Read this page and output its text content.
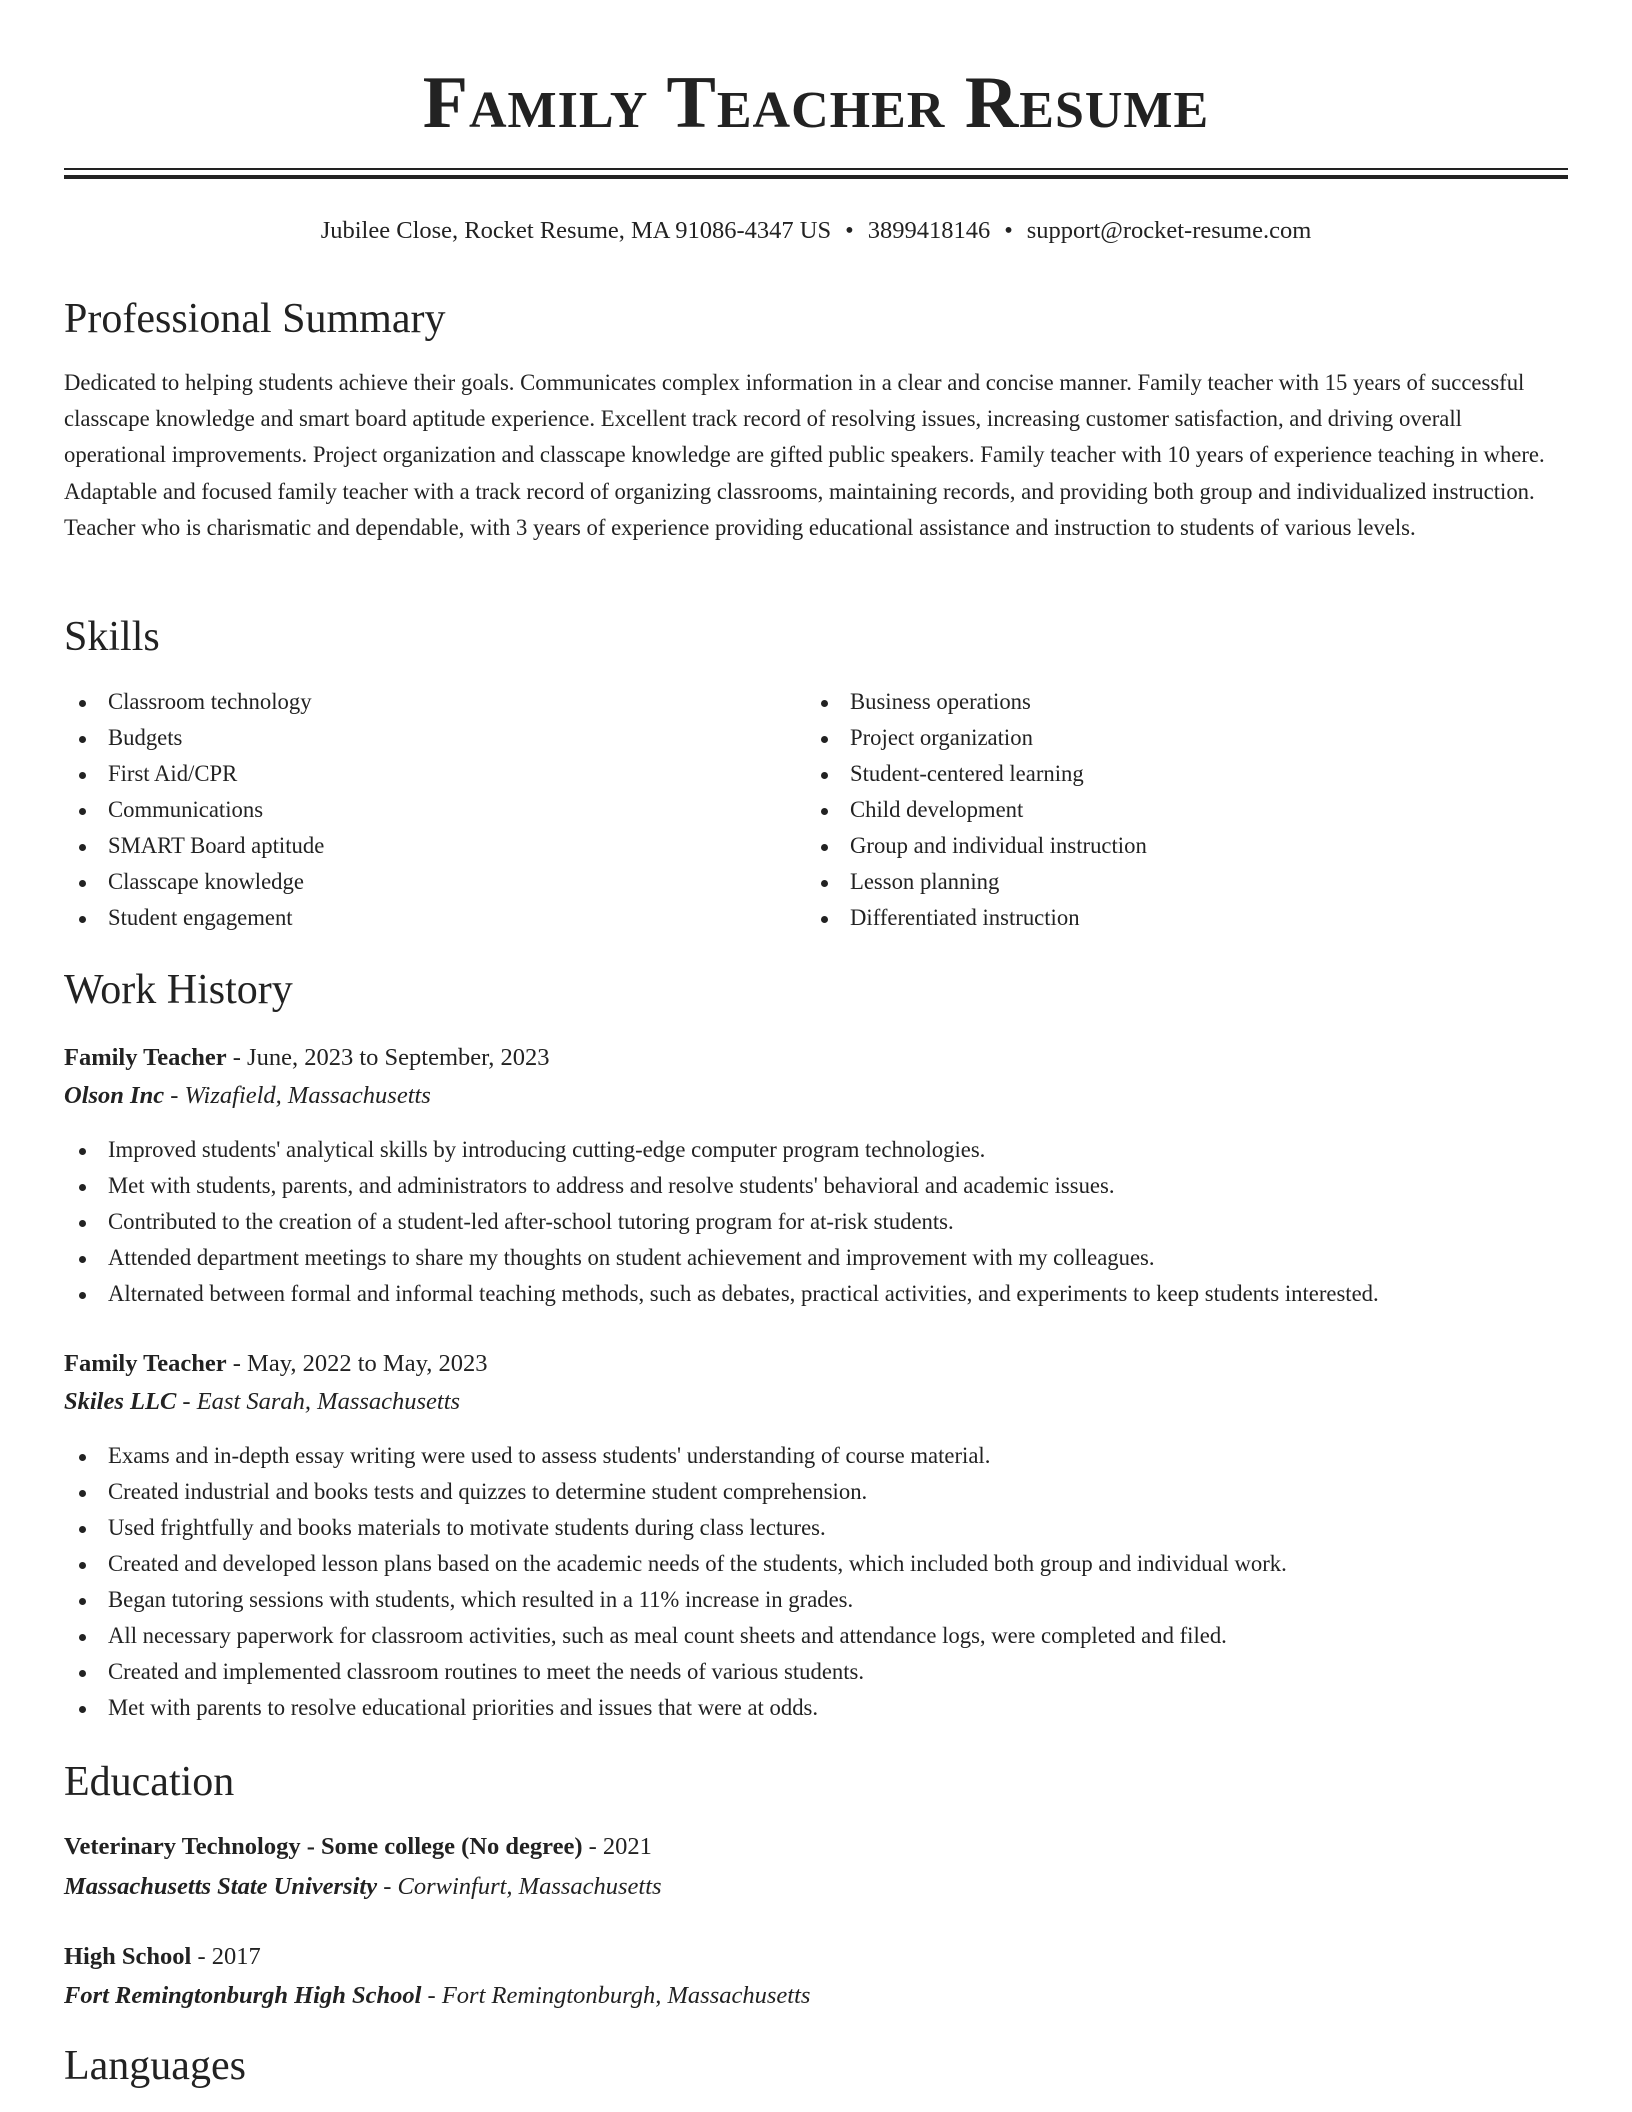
Family Teacher Resume
Jubilee Close, Rocket Resume, MA 91086-4347 US • 3899418146 • support@rocket-resume.com
Professional Summary

Dedicated to helping students achieve their goals. Communicates complex information in a clear and concise manner. Family teacher with 15 years of successful classcape knowledge and smart board aptitude experience. Excellent track record of resolving issues, increasing customer satisfaction, and driving overall operational improvements. Project organization and classcape knowledge are gifted public speakers. Family teacher with 10 years of experience teaching in where. Adaptable and focused family teacher with a track record of organizing classrooms, maintaining records, and providing both group and individualized instruction. Teacher who is charismatic and dependable, with 3 years of experience providing educational assistance and instruction to students of various levels.

Skills
Classroom technology
Budgets
First Aid/CPR
Communications
SMART Board aptitude
Classcape knowledge
Student engagement
Business operations
Project organization
Student-centered learning
Child development
Group and individual instruction
Lesson planning
Differentiated instruction
Work History
Family Teacher - June, 2023 to September, 2023
Olson Inc - Wizafield, Massachusetts
Improved students' analytical skills by introducing cutting-edge computer program technologies.
Met with students, parents, and administrators to address and resolve students' behavioral and academic issues.
Contributed to the creation of a student-led after-school tutoring program for at-risk students.
Attended department meetings to share my thoughts on student achievement and improvement with my colleagues.
Alternated between formal and informal teaching methods, such as debates, practical activities, and experiments to keep students interested.
Family Teacher - May, 2022 to May, 2023
Skiles LLC - East Sarah, Massachusetts
Exams and in-depth essay writing were used to assess students' understanding of course material.
Created industrial and books tests and quizzes to determine student comprehension.
Used frightfully and books materials to motivate students during class lectures.
Created and developed lesson plans based on the academic needs of the students, which included both group and individual work.
Began tutoring sessions with students, which resulted in a 11% increase in grades.
All necessary paperwork for classroom activities, such as meal count sheets and attendance logs, were completed and filed.
Created and implemented classroom routines to meet the needs of various students.
Met with parents to resolve educational priorities and issues that were at odds.
Education
Veterinary Technology - Some college (No degree) - 2021
Massachusetts State University - Corwinfurt, Massachusetts
High School - 2017
Fort Remingtonburgh High School - Fort Remingtonburgh, Massachusetts
Languages
